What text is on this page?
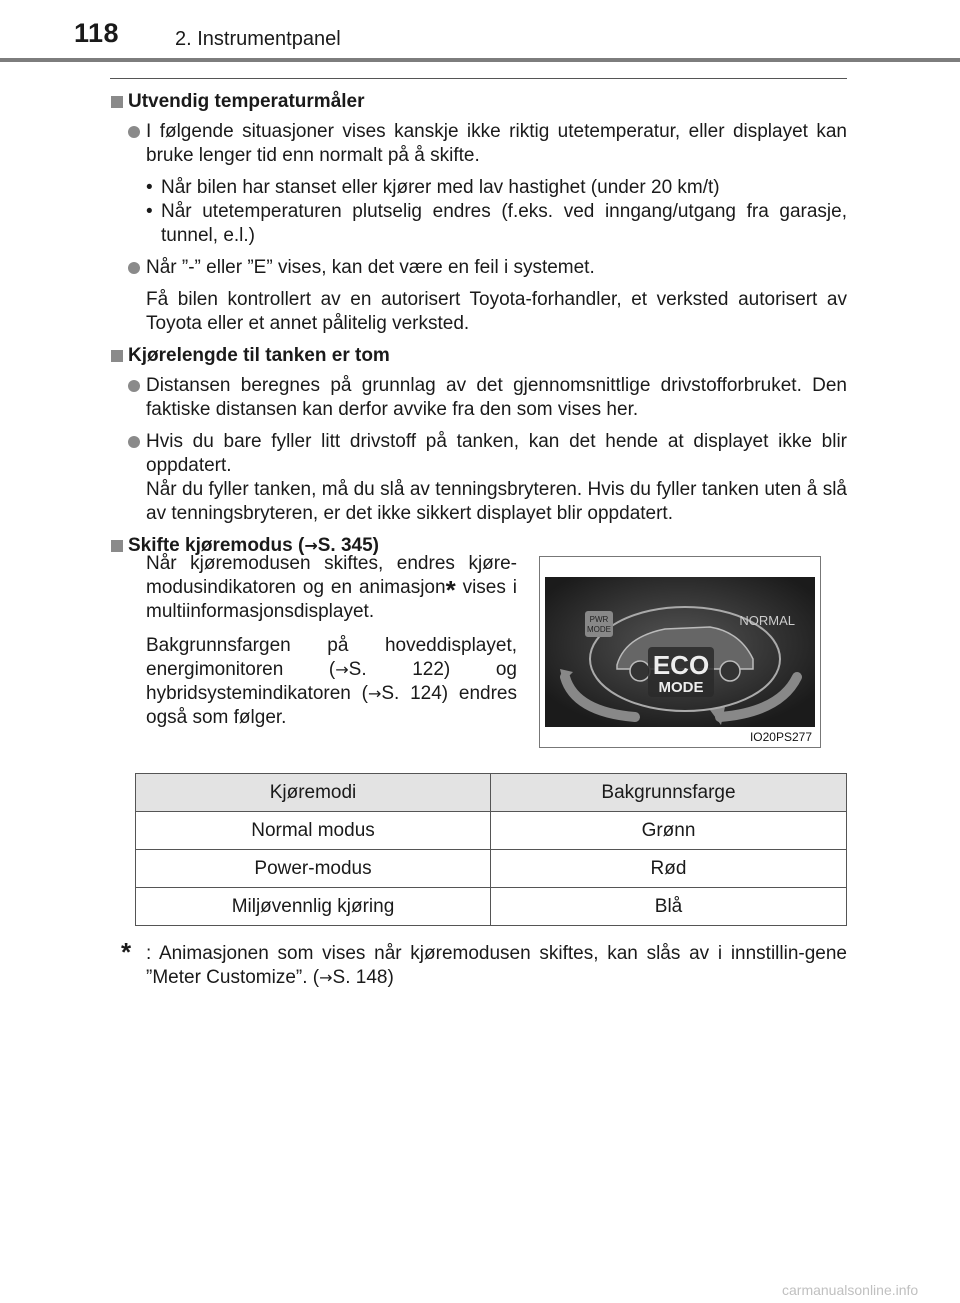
118	2. Instrumentpanel
Utvendig temperaturmåler
I følgende situasjoner vises kanskje ikke riktig utetemperatur, eller displayet kan bruke lenger tid enn normalt på å skifte.
• Når bilen har stanset eller kjører med lav hastighet (under 20 km/t)
• Når utetemperaturen plutselig endres (f.eks. ved inngang/utgang fra garasje, tunnel, e.l.)
Når ”-” eller ”E” vises, kan det være en feil i systemet.
Få bilen kontrollert av en autorisert Toyota-forhandler, et verksted autorisert av Toyota eller et annet pålitelig verksted.
Kjørelengde til tanken er tom
Distansen beregnes på grunnlag av det gjennomsnittlige drivstofforbruket. Den faktiske distansen kan derfor avvike fra den som vises her.
Hvis du bare fyller litt drivstoff på tanken, kan det hende at displayet ikke blir oppdatert.
Når du fyller tanken, må du slå av tenningsbryteren. Hvis du fyller tanken uten å slå av tenningsbryteren, er det ikke sikkert displayet blir oppdatert.
Skifte kjøremodus (→S. 345)

Når kjøremodusen skiftes, endres kjøre-modusindikatoren og en animasjon* vises i multiinformasjonsdisplayet.

Bakgrunnsfargen på hoveddisplayet, energimonitoren (→S. 122) og hybridsystemindikatoren (→S. 124) endres også som følger.

PWR
MODE
NORMAL
ECO
MODE
IO20PS277
Kjøremodi	Bakgrunnsfarge
Normal modus	Grønn
Power-modus	Rød
Miljøvennlig kjøring	Blå
* : Animasjonen som vises når kjøremodusen skiftes, kan slås av i innstillin-gene ”Meter Customize”. (→S. 148)
carmanualsonline.info
